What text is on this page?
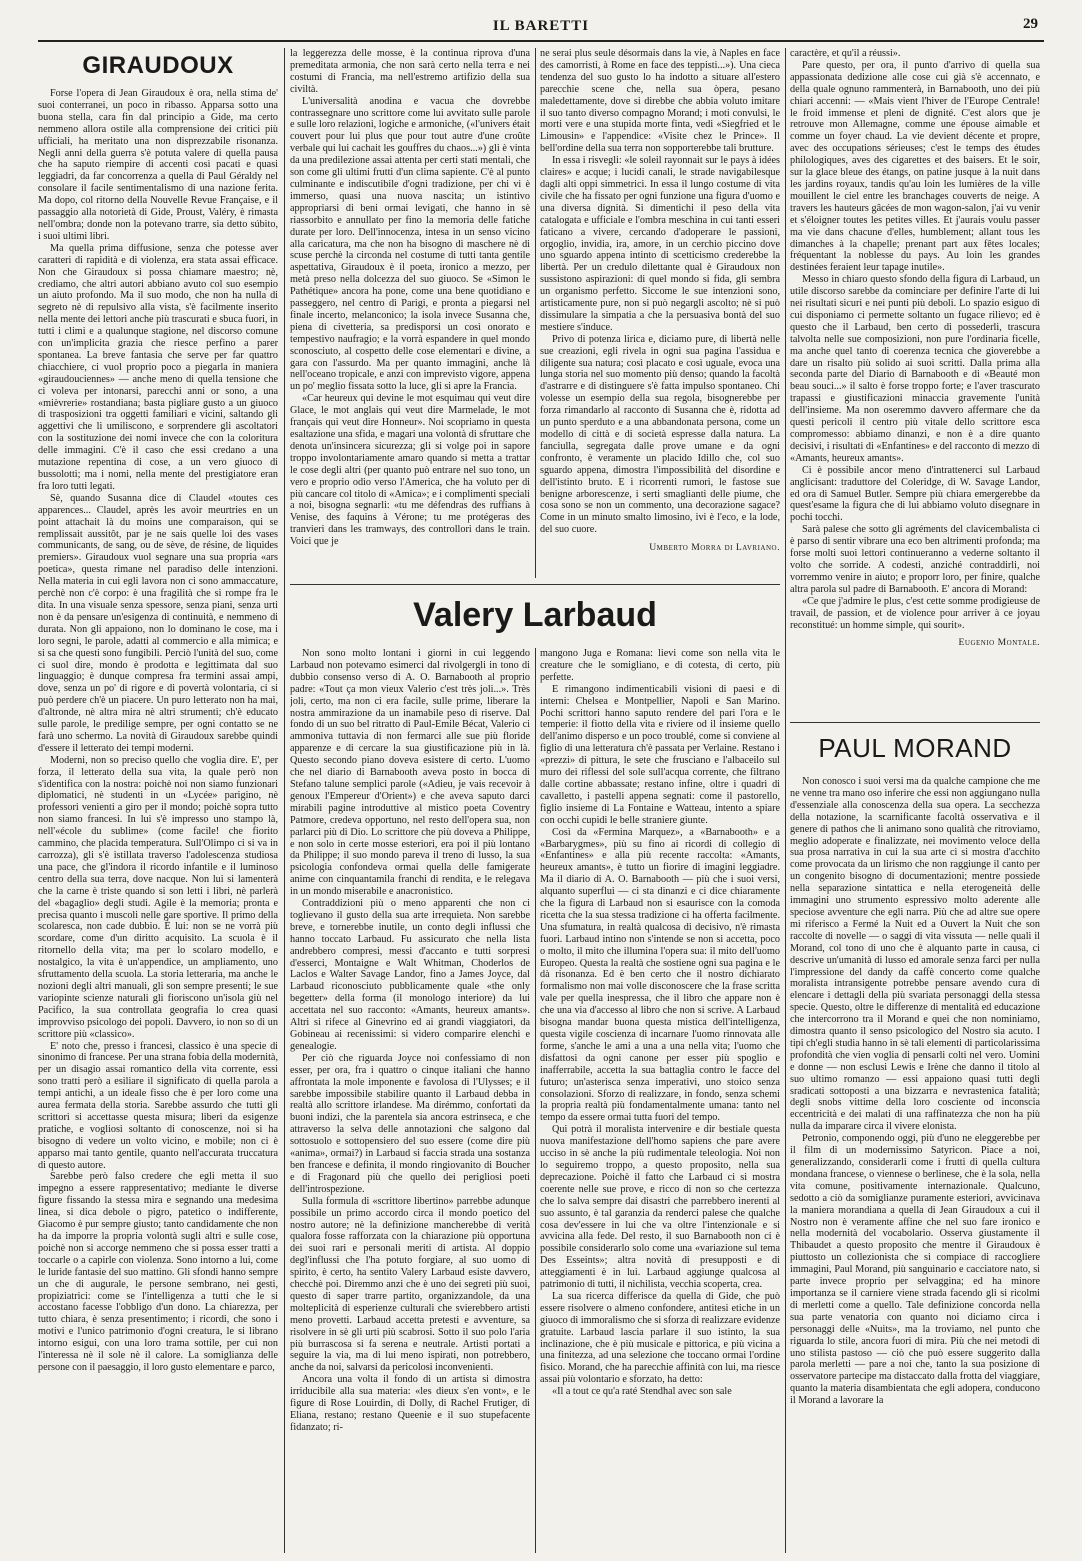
IL BARETTI	29
GIRAUDOUX

Forse l'opera di Jean Giraudoux è ora, nella stima de' suoi conterranei, un poco in ribasso. Apparsa sotto una buona stella, cara fin dal principio a Gide, ma certo nemmeno allora ostile alla comprensione dei critici più ufficiali, ha meritato una non disprezzabile risonanza. Negli anni della guerra s'è potuta valere di quella pausa che ha saputo riempire di accenti così pacati e quasi leggiadri, da far concorrenza a quella di Paul Géraldy nel consolare il facile sentimentalismo di una nazione ferita. Ma dopo, col ritorno della Nouvelle Revue Française, e il passaggio alla notorietà di Gide, Proust, Valéry, è rimasta nell'ombra; donde non la potevano trarre, sia detto súbito, i suoi ultimi libri.

Ma quella prima diffusione, senza che potesse aver caratteri di rapidità e di violenza, era stata assai efficace. Non che Giraudoux si possa chiamare maestro; nè, crediamo, che altri autori abbiano avuto col suo esempio un aiuto profondo. Ma il suo modo, che non ha nulla di segreto nè di repulsivo alla vista, s'è facilmente inserito nella mente dei lettori anche più trascurati e sbuca fuori, in tutti i climi e a qualunque stagione, nel discorso comune con un'implicita grazia che riesce perfino a parer spontanea. La breve fantasia che serve per far quattro chiacchiere, ci vuol proprio poco a piegarla in maniera «giraudouciennes» — anche meno di quella tensione che ci voleva per intonarsi, parecchi anni or sono, a una «mièvrerie» rostandiana; basta pigliare gusto a un giuoco di trasposizioni tra oggetti familiari e vicini, saltando gli aggettivi che li umiliscono, e sorprendere gli ascoltatori con la sostituzione dei nomi invece che con la coloritura delle immagini. C'è il caso che essi credano a una mutazione repentina di cose, a un vero giuoco di bussolotti; ma i nomi, nella mente del prestigiatore eran fra loro tutti legati.

Sè, quando Susanna dice di Claudel «toutes ces apparences... Claudel, après les avoir meurtries en un point attachait là du moins une comparaison, qui se remplissait aussitôt, par je ne sais quelle loi des vases communicants, de sang, ou de sève, de résine, de liquides premiers». Giraudoux vuol segnare una sua propria «ars poetica», questa rimane nel paradiso delle intenzioni. Nella materia in cui egli lavora non ci sono ammaccature, perchè non c'è corpo: è una fragilità che si rompe fra le dita. In una visuale senza spessore, senza piani, senza urti non è da pensare un'esigenza di continuità, e nemmeno di durata. Non gli appaiono, non lo dominano le cose, ma i loro segni, le parole, adatti al commercio e alla mimica; e si sa che questi sono fungibili. Perciò l'unità del suo, come ci suol dire, mondo è prodotta e legittimata dal suo linguaggio; è dunque compresa fra termini assai ampi, dove, senza un po' di rigore e di povertà volontaria, ci si può perdere ch'è un piacere. Un puro letterato non ha mai, d'altronde, nè altra mira nè altri strumenti; ch'è educato sulle parole, le predilige sempre, per ogni contatto se ne farà uno schermo. La novità di Giraudoux sarebbe quindi d'essere il letterato dei tempi moderni.

Moderni, non so preciso quello che voglia dire. E', per forza, il letterato della sua vita, la quale però non s'identifica con la nostra: poichè noi non siamo funzionari diplomatici, nè studenti in un «Lycée» parigino, nè professori venienti a giro per il mondo; poichè sopra tutto non siamo francesi. In lui s'è impresso uno stampo là, nell'«école du sublime» (come facile! che fiorito cammino, che placida temperatura. Sull'Olimpo ci si va in carrozza), gli s'è istillata traverso l'adolescenza studiosa una pace, che gl'indora il ricordo infantile e il luminoso centro della sua terra, dove nacque. Non lui si lamenterà che la carne è triste quando si son letti i libri, nè parlerà del «bagaglio» degli studi. Agile è la memoria; pronta e precisa quanto i muscoli nelle gare sportive. Il primo della scolaresca, non cade dubbio. È lui: non se ne vorrà più scordare, come d'un diritto acquisito. La scuola è il ritornello della vita; ma per lo scolaro modello, e nostalgico, la vita è un'appendice, un ampliamento, uno sfruttamento della scuola. La storia letteraria, ma anche le nozioni degli altri manuali, gli son sempre presenti; le sue variopinte scienze naturali gli fioriscono un'isola giù nel Pacifico, la sua controllata geografia lo crea quasi improvviso psicologo dei popoli. Davvero, io non so di un scrittore più «classico».

E' noto che, presso i francesi, classico è una specie di sinonimo di francese. Per una strana fobia della modernità, per un disagio assai romantico della vita corrente, essi sono tratti però a esiliare il significato di quella parola a tempi antichi, a un ideale fisso che è per loro come una aurea fermata della storia. Sarebbe assurdo che tutti gli scrittori si accettasse questa misura; liberi da esigenze pratiche, e vogliosi soltanto di conoscenze, noi si ha bisogno di vedere un volto vicino, e mobile; non ci è apparso mai tanto gentile, quanto nell'accurata truccatura di questo autore.

Sarebbe però falso credere che egli metta il suo impegno a essere rappresentativo; mediante le diverse figure fissando la stessa mira e segnando una medesima linea, si dica debole o pigro, patetico o indifferente, Giacomo è pur sempre giusto; tanto candidamente che non ha da imporre la propria volontà sugli altri e sulle cose, poichè non si accorge nemmeno che si possa esser tratti a toccarle o a capirle con violenza. Sono intorno a lui, come le luride fantasie del suo mattino. Gli sfondi hanno sempre un che di augurale, le persone sembrano, nei gesti, propiziatrici: come se l'intelligenza a tutti che le si accostano facesse l'obbligo d'un dono. La chiarezza, per tutto chiara, è senza presentimento; i ricordi, che sono i motivi e l'unico patrimonio d'ogni creatura, le si librano intorno esigui, con una loro trama sottile, per cui non l'interessa nè il sole nè il calore. La somiglianza delle persone con il paesaggio, il loro gusto elementare e parco,

la leggerezza delle mosse, è la continua riprova d'una premeditata armonia, che non sarà certo nella terra e nei costumi di Francia, ma nell'estremo artifizio della sua civiltà.

L'universalità anodina e vacua che dovrebbe contrassegnare uno scrittore come lui avvitato sulle parole e sulle loro relazioni, logiche e armoniche, («l'univers était couvert pour lui plus que pour tout autre d'une croûte verbale qui lui cachait les gouffres du chaos...») gli è vinta da una predilezione assai attenta per certi stati mentali, che son come gli ultimi frutti d'un clima sapiente. C'è al punto culminante e indiscutibile d'ogni tradizione, per chi vi è immerso, quasi una nuova nascita; un istintivo appropriarsi di beni ormai levigati, che hanno in sè riassorbito e annullato per fino la memoria delle fatiche durate per loro. Dell'innocenza, intesa in un senso vicino alla caricatura, ma che non ha bisogno di maschere nè di scuse perchè la circonda nel costume di tutti tanta gentile aspettativa, Giraudoux è il poeta, ironico a mezzo, per metà preso nella dolcezza del suo giuoco. Se «Simon le Pathétique» ancora ha pone, come una bene quotidiano e passeggero, nel centro di Parigi, e pronta a piegarsi nel finale incerto, melanconico; la isola invece Susanna che, piena di civetteria, sa predisporsi un così onorato e tempestivo naufragio; e la vorrà espandere in quel mondo sconosciuto, al cospetto delle cose elementari e divine, a gara con l'assurdo. Ma per quanto immagini, anche là nell'oceano tropicale, e anzi con imprevisto vigore, appena un po' meglio fissata sotto la luce, gli si apre la Francia.

«Car heureux qui devine le mot esquimau qui veut dire Glace, le mot anglais qui veut dire Marmelade, le mot français qui veut dire Honneur». Noi scopriamo in questa esaltazione una sfida, e magari una volontà di sfruttare che denota un'insincera sicurezza; gli si volge poi in sapore troppo involontariamente amaro quando si metta a trattar le cose degli altri (per quanto può entrare nel suo tono, un vero e proprio odio verso l'America, che ha voluto per di più cancare col titolo di «Amica»; e i complimenti speciali a noi, bisogna segnarli: «tu me défendras des ruffians à Venise, des faquins à Vérone; tu me protégeras des tranvieri dans les tramways, des controllori dans le train. Voici que je

ne serai plus seule désormais dans la vie, à Naples en face des camorristi, à Rome en face des teppisti...»). Una cieca tendenza del suo gusto lo ha indotto a situare all'estero parecchie scene che, nella sua òpera, pesano maledettamente, dove si direbbe che abbia voluto imitare il suo tanto diverso compagno Morand; i moti convulsi, le morti vere e una stupida morte finta, vedi «Siegfried et le Limousin» e l'appendice: «Visite chez le Prince». Il bell'ordine della sua terra non sopporterebbe tali brutture.

In essa i risvegli: «le soleil rayonnait sur le pays à idées claires» e acque; i lucidi canali, le strade navigabilesque dagli alti oppi simmetrici. In essa il lungo costume di vita civile che ha fissato per ogni funzione una figura d'uomo e una diversa dignità. Si dimentichi il peso della vita catalogata e ufficiale e l'ombra meschina in cui tanti esseri faticano a vivere, cercando d'adoperare le passioni, orgoglio, invidia, ira, amore, in un cerchio piccino dove uno sguardo appena intinto di scetticismo crederebbe la libertà. Per un credulo dilettante qual è Giraudoux non sussistono aspirazioni: di quel mondo si fida, gli sembra un organismo perfetto. Siccome le sue intenzioni sono, artisticamente pure, non si può negargli ascolto; nè si può dissimulare la simpatia a che la persuasiva bontà del suo mestiere s'induce.

Privo di potenza lirica e, diciamo pure, di libertà nelle sue creazioni, egli rivela in ogni sua pagina l'assidua e diligente sua natura; così placato e così uguale, evoca una lunga storia nel suo momento più denso; quando la facoltà d'astrarre e di distinguere s'è fatta impulso spontaneo. Chi volesse un esempio della sua regola, bisognerebbe per forza rimandarlo al racconto di Susanna che è, ridotta ad un punto sperduto e a una abbandonata persona, come un modello di città e di società espresse dalla natura. La fanciulla, segregata dalle prove umane e da ogni confronto, è veramente un placido Idillo che, col suo sguardo appena, dimostra l'impossibilità del disordine e dell'istinto bruto. E i ricorrenti rumori, le fastose sue benigne arborescenze, i serti smaglianti delle piume, che cosa sono se non un commento, una decorazione sagace? Come in un minuto smalto limosino, ivi è l'eco, e la lode, del suo cuore.

Umberto Morra di Lavriano.
Valery Larbaud

Non sono molto lontani i giorni in cui leggendo Larbaud non potevamo esimerci dal rivolgergli in tono di dubbio consenso verso di A. O. Barnabooth al proprio padre: «Tout ça mon vieux Valerio c'est très joli...». Très joli, certo, ma non ci era facile, sulle prime, liberare la nostra ammirazione da un inamabile peso di riserve. Dal fondo di un suo bel ritratto di Paul-Emile Bécat, Valerio ci ammoniva tuttavia di non fermarci alle sue più floride apparenze e di cercare la sua giustificazione più in là. Questo secondo piano doveva esistere di certo. L'uomo che nel diario di Barnabooth aveva posto in bocca di Stefano talune semplici parole («Adieu, je vais recevoir à genoux l'Empereur d'Orient») e che aveva saputo darci mirabili pagine introduttive al mistico poeta Coventry Patmore, credeva opportuno, nel resto dell'opera sua, non parlarci più di Dio. Lo scrittore che più doveva a Philippe, e non solo in certe mosse esteriori, era poi il più lontano da Philippe; il suo mondo pareva il treno di lusso, la sua psicologia confondeva ormai quella delle famigerate anime con cinquantamila franchi di rendita, e le relegava in un mondo miserabile e anacronistico.

Contraddizioni più o meno apparenti che non ci toglievano il gusto della sua arte irrequieta. Non sarebbe breve, e tornerebbe inutile, un conto degli influssi che hanno toccato Larbaud. Fu assicurato che nella lista andrebbero compresi, messi d'accanto e tutti sorpresi d'esserci, Montaigne e Walt Whitman, Choderlos de Laclos e Walter Savage Landor, fino a James Joyce, dal Larbaud riconosciuto pubblicamente quale «the only begetter» della forma (il monologo interiore) da lui accettata nel suo racconto: «Amants, heureux amants». Altri si rifece al Ginevrino ed ai grandi viaggiatori, da Gobineau ai recenissimi: si videro comparire elenchi e genealogie.

Per ciò che riguarda Joyce noi confessiamo di non esser, per ora, fra i quattro o cinque italiani che hanno affrontata la mole imponente e favolosa di l'Ulysses; e il sarebbe impossibile stabilire quanto il Larbaud debba in realtà allo scrittore irlandese. Ma dirémmo, confortati da buoni indizi, che la parentela sia ancora estrinseca, e che attraverso la selva delle annotazioni che salgono dal sottosuolo e sottopensiero del suo essere (come dire più «anima», ormai?) in Larbaud si faccia strada una sostanza ben francese e definita, il mondo ringiovanito di Boucher e di Fragonard più che quello dei perigliosi poeti dell'introspezione.

Sulla formula di «scrittore libertino» parrebbe adunque possibile un primo accordo circa il mondo poetico del nostro autore; nè la definizione mancherebbe di verità qualora fosse rafforzata con la chiarazione più opportuna dei suoi rari e personali meriti di artista. Al doppio degl'influssi che l'ha potuto forgiare, al suo uomo di spirito, è certo, ha sentito Valery Larbaud esiste davvero, checchè poi. Diremmo anzi che è uno dei segreti più suoi, questo di saper trarre partito, organizzandole, da una molteplicità di esperienze culturali che svierebbero artisti meno provetti. Larbaud accetta pretesti e avventure, sa risolvere in sè gli urti più scabrosi. Sotto il suo polo l'aria più burrascosa si fa serena e neutrale. Artisti portati a seguire la via, ma di lui meno ispirati, non potrebbero, anche da noi, salvarsi da pericolosi inconvenienti.

Ancora una volta il fondo di un artista si dimostra irriducibile alla sua materia: «les dieux s'en vont», e le figure di Rose Louirdin, di Dolly, di Rachel Frutiger, di Eliana, restano; restano Queenie e il suo stupefacente fidanzato; ri-

mangono Juga e Romana: lievi come son nella vita le creature che le somigliano, e di cotesta, di certo, più perfette.

E rimangono indimenticabili visioni di paesi e di interni: Chelsea e Montpellier, Napoli e San Marino. Pochi scrittori hanno saputo rendere del pari l'ora e le temperie: il fiotto della vita e riviere od il insieme quello dell'animo disperso e un poco troublé, come si conviene al figlio di una letteratura ch'è passata per Verlaine. Restano i «prezzi» di pittura, le sete che frusciano e l'albaceilo sul muro dei riflessi del sole sull'acqua corrente, che filtrano dalle cortine abbassate; restano infine, oltre i quadri di cavalletto, i pastelli appena segnati: come il pastorello, figlio insieme di La Fontaine e Watteau, intento a spiare con occhi cupidi le belle straniere giunte.

Così da «Fermina Marquez», a «Barnabooth» e a «Barbarygmes», più su fino ai ricordi di collegio di «Enfantines» e alla più recente raccolta: «Amants, heureux amants», è tutto un fiorire di imagini leggiadre. Ma il diario di A. O. Barnabooth — più che i suoi versi, alquanto superflui — ci sta dinanzi e ci dice chiaramente che la figura di Larbaud non si esaurisce con la comoda ricetta che la sua stessa tradizione ci ha offerta facilmente. Una sfumatura, in realtà qualcosa di decisivo, n'è rimasta fuori. Larbaud intino non s'intende se non si accetta, poco o molto, il mito che illumina l'opera sua: il mito dell'uomo Europeo. Questa la realtà che sostiene ogni sua pagina e le dà risonanza. Ed è ben certo che il nostro dichiarato formalismo non mai volle disconoscere che la frase scritta vale per quella inespressa, che il libro che appare non è che una via d'accesso al libro che non si scrive. A Larbaud bisogna mandar buona questa mistica dell'intelligenza, questa vigile coscienza di incarnare l'uomo rinnovata alle forme, s'anche le ami a una a una nella vita; l'uomo che disfattosi da ogni canone per esser più spoglio e inafferrabile, accetta la sua battaglia contro le facce del futuro; un'asterisca senza imperativi, uno stoico senza consolazioni. Sforzo di realizzare, in fondo, senza schemi la propria realtà più fondamentalmente umana: tanto nel tempo da essere ormai tutta fuori del tempo.

Qui potrà il moralista intervenire e dir bestiale questa nuova manifestazione dell'homo sapiens che pare avere ucciso in sè anche la più rudimentale teleologia. Noi non lo seguiremo troppo, a questo proposito, nella sua deprecazione. Poichè il fatto che Larbaud ci si mostra coerente nelle sue prove, e ricco di non so che certezza che lo salva sempre dai disastri che parrebbero inerenti al suo assunto, è tal garanzia da renderci palese che qualche cosa dev'essere in lui che va oltre l'intenzionale e si avvicina alla fede. Del resto, il suo Barnabooth non ci è possibile considerarlo solo come una «variazione sul tema Des Esseints»; altra novità di presupposti e di atteggiamenti è in lui. Larbaud aggiunge qualcosa al patrimonio di tutti, il nichilista, vecchia scoperta, crea.

La sua ricerca differisce da quella di Gide, che può essere risolvere o almeno confondere, antitesi etiche in un giuoco di immoralismo che si sforza di realizzare evidenze gratuite. Larbaud lascia parlare il suo istinto, la sua inclinazione, che è più musicale e pittorica, e più vicina a una finitezza, ad una selezione che toccano ormai l'ordine fisico. Morand, che ha parecchie affinità con lui, ma riesce assai più volontario e sforzato, ha detto:

«Il a tout ce qu'a raté Stendhal avec son sale

caractère, et qu'il a réussi».

Pare questo, per ora, il punto d'arrivo di quella sua appassionata dedizione alle cose cui già s'è accennato, e della quale ognuno rammenterà, in Barnabooth, uno dei più chiari accenni: — «Mais vient l'hiver de l'Europe Centrale! le froid immense et pleni de dignité. C'est alors que je retrouve mon Allemagne, comme une épouse aimable et comme un foyer chaud. La vie devient décente et propre, avec des occupations sérieuses; c'est le temps des études philologiques, aves des cigarettes et des baisers. Et le soir, sur la glace bleue des étangs, on patine jusque à la nuit dans les jardins royaux, tandis qu'au loin les lumières de la ville mouillent le ciel entre les branchages couverts de neige. A travers les hauteurs gâcées de mon wagon-salon, j'ai vu venir et s'éloigner toutes les petites villes. Et j'aurais voulu passer ma vie dans chacune d'elles, humblement; allant tous les dimanches à la chapelle; prenant part aux fêtes locales; fréquentant la noblesse du pays. Au loin les grandes destinées feraient leur tapage inutile».

Messo in chiaro questo sfondo della figura di Larbaud, un utile discorso sarebbe da cominciare per definire l'arte di lui nei risultati sicuri e nei punti più deboli. Lo spazio esiguo di cui disponiamo ci permette soltanto un fugace rilievo; ed è questo che il Larbaud, ben certo di possederli, trascura talvolta nelle sue composizioni, non pure l'ordinaria ficelle, ma anche quel tanto di coerenza tecnica che gioverebbe a dare un risalto più solido ai suoi scritti. Dalla prima alla seconda parte del Diario di Barnabooth e di «Beauté mon beau souci...» il salto è forse troppo forte; e l'aver trascurato trapassi e giustificazioni minaccia gravemente l'unità dell'insieme. Ma non oseremmo davvero affermare che da questi pericoli il centro più vitale dello scrittore esca compromesso: abbiamo dinanzi, e non è a dire quanto decisivi, i risultati di «Enfantines» e del racconto di mezzo di «Amants, heureux amants».

Ci è possibile ancor meno d'intrattenerci sul Larbaud anglicisant: traduttore del Coleridge, di W. Savage Landor, ed ora di Samuel Butler. Sempre più chiara emergerebbe da quest'esame la figura che di lui abbiamo voluto disegnare in pochi tocchi.

Sarà palese che sotto gli agréments del clavicembalista ci è parso di sentir vibrare una eco ben altrimenti profonda; ma forse molti suoi lettori continueranno a vederne soltanto il volto che sorride. A codesti, anziché contraddirli, noi vorremmo venire in aiuto; e proporr loro, per finire, qualche altra parola sul padre di Barnabooth. E' ancora di Morand:

«Ce que j'admire le plus, c'est cette somme prodigieuse de travail, de passion, et de violence pour arriver à ce joyau reconstitué: un homme simple, qui sourit».

Eugenio Montale.
PAUL MORAND

Non conosco i suoi versi ma da qualche campione che me ne venne tra mano oso inferire che essi non aggiungano nulla d'essenziale alla conoscenza della sua opera. La secchezza della notazione, la scarnificante facoltà osservativa e il genere di pathos che li animano sono qualità che ritroviamo, meglio adoperate e finalizzate, nei movimento veloce della sua prosa narrativa in cui la sua arte ci si mostra d'acchito come provocata da un lirismo che non raggiunge il canto per un congenito bisogno di documentazioni; mentre possiede nella separazione sintattica e nella eterogeneità delle immagini uno strumento espressivo molto aderente alle speciose avventure che egli narra. Più che ad altre sue opere mi riferisco a Fermé la Nuit ed a Ouvert la Nuit che son raccolte di novelle — o saggi di vita vissuta — nelle quali il Morand, col tono di uno che è alquanto parte in causa, ci descrive un'umanità di lusso ed amorale senza farci per nulla l'impressione del dandy da caffè concerto come qualche moralista intransigente potrebbe pensare avendo cura di elencare i dettagli della più svariata personaggi della stessa specie. Questo, oltre le differenze di mentalità ed educazione che intercorrono tra il Morand e quei che non nominiamo, dimostra quanto il senso psicologico del Nostro sia acuto. I tipi ch'egli studia hanno in sè tali elementi di particolarissima profondità che vien voglia di pensarli colti nel vero. Uomini e donne — non esclusi Lewis e Irène che danno il titolo al suo ultimo romanzo — essi appaiono quasi tutti degli sradicati sottoposti a una bizzarra e nevrastenica fatalità; degli snobs vittime della loro cosciente od inconscia eccentricità e dei malati di una raffinatezza che non ha più nulla da imparare circa il vivere elonista.

Petronio, componendo oggi, più d'uno ne eleggerebbe per il film di un modernissimo Satyricon. Piace a noi, generalizzando, considerarli come i frutti di quella cultura mondana francese, o viennese o berlinese, che è la sola, nella vita comune, positivamente internazionale. Qualcuno, sedotto a ciò da somiglianze puramente esteriori, avvicinava la maniera morandiana a quella di Jean Giraudoux a cui il Nostro non è veramente affine che nel suo fare ironico e nella modernità del vocabolario. Osserva giustamente il Thibaudet a questo proposito che mentre il Giraudoux è piuttosto un collezionista che si compiace di raccogliere immagini, Paul Morand, più sanguinario e cacciatore nato, si parte invece proprio per selvaggina; ed ha minore importanza se il carniere viene strada facendo gli si ricolmi di merletti come a quello. Tale definizione concorda nella sua parte venatoria con quanto noi diciamo circa i personaggi delle «Nuits», ma la troviamo, nel punto che riguarda lo stile, ancora fuori di mira. Più che nei metodi di uno stilista pastoso — ciò che può essere suggerito dalla parola merletti — pare a noi che, tanto la sua posizione di osservatore partecipe ma distaccato dalla frotta del viaggiare, quanto la materia disambientata che egli adopera, conducono il Morand a lavorare la
